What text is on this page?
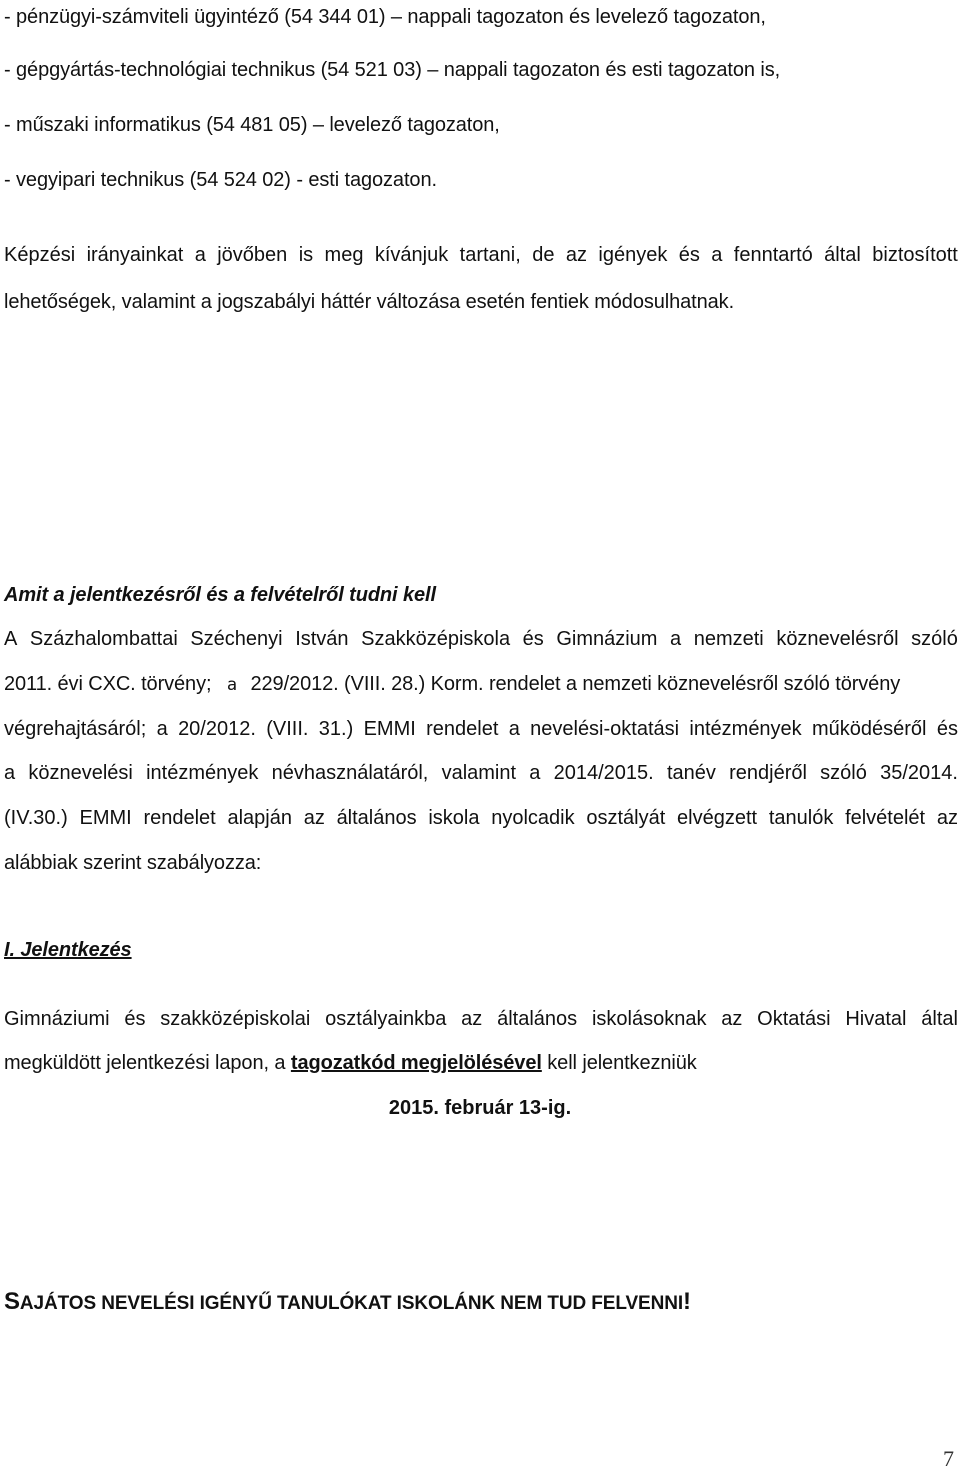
- pénzügyi-számviteli ügyintéző (54 344 01) – nappali tagozaton és levelező tagozaton,
- gépgyártás-technológiai technikus (54 521 03) – nappali tagozaton és esti tagozaton is,
- műszaki informatikus (54 481 05) – levelező tagozaton,
- vegyipari technikus (54 524 02) - esti tagozaton.
Képzési irányainkat a jövőben is meg kívánjuk tartani, de az igények és a fenntartó által biztosított
lehetőségek, valamint a jogszabályi háttér változása esetén fentiek módosulhatnak.
Amit a jelentkezésről és a felvételről tudni kell
A Százhalombattai Széchenyi István Szakközépiskola és Gimnázium a nemzeti köznevelésről szóló
2011. évi CXC. törvény; a 229/2012. (VIII. 28.) Korm. rendelet a nemzeti köznevelésről szóló törvény
végrehajtásáról; a 20/2012. (VIII. 31.) EMMI rendelet a nevelési-oktatási intézmények működéséről és
a köznevelési intézmények névhasználatáról, valamint a 2014/2015. tanév rendjéről szóló 35/2014.
(IV.30.) EMMI rendelet alapján az általános iskola nyolcadik osztályát elvégzett tanulók felvételét az
alábbiak szerint szabályozza:
I. Jelentkezés
Gimnáziumi és szakközépiskolai osztályainkba az általános iskolásoknak az Oktatási Hivatal által
megküldött jelentkezési lapon, a tagozatkód megjelölésével kell jelentkezniük
2015. február 13-ig.
SAJÁTOS NEVELÉSI IGÉNYŰ TANULÓKAT ISKOLÁNK NEM TUD FELVENNI!
7
